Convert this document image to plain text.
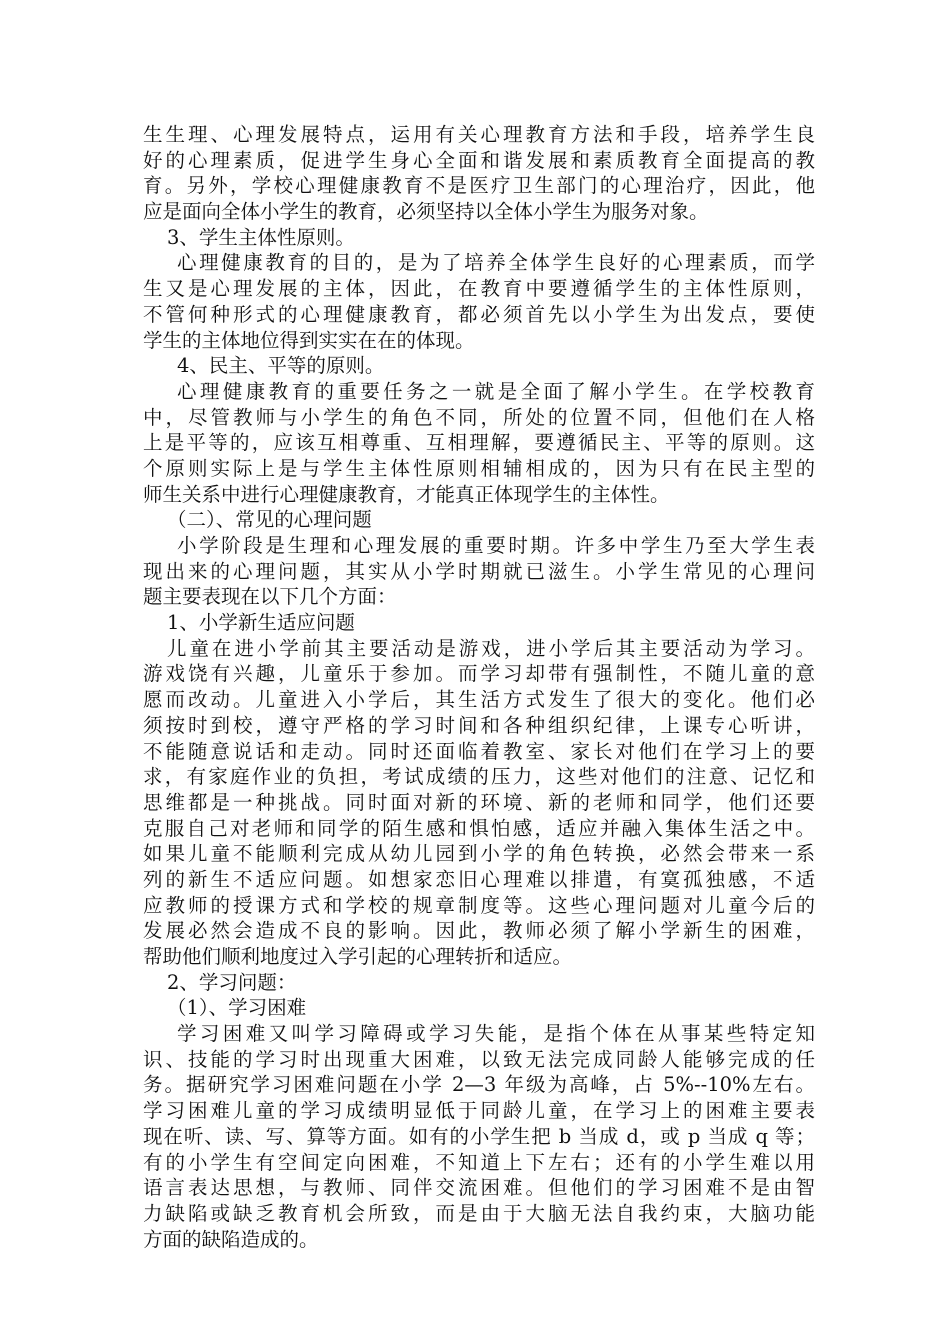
生生理、心理发展特点，运用有关心理教育方法和手段，培养学生良
好的心理素质，促进学生身心全面和谐发展和素质教育全面提高的教
育。另外，学校心理健康教育不是医疗卫生部门的心理治疗，因此，他
应是面向全体小学生的教育，必须坚持以全体小学生为服务对象。
3、学生主体性原则。
心理健康教育的目的，是为了培养全体学生良好的心理素质，而学
生又是心理发展的主体，因此，在教育中要遵循学生的主体性原则，
不管何种形式的心理健康教育，都必须首先以小学生为出发点，要使
学生的主体地位得到实实在在的体现。
4、民主、平等的原则。
心理健康教育的重要任务之一就是全面了解小学生。在学校教育
中，尽管教师与小学生的角色不同，所处的位置不同，但他们在人格
上是平等的，应该互相尊重、互相理解，要遵循民主、平等的原则。这
个原则实际上是与学生主体性原则相辅相成的，因为只有在民主型的
师生关系中进行心理健康教育，才能真正体现学生的主体性。
（二）、常见的心理问题
小学阶段是生理和心理发展的重要时期。许多中学生乃至大学生表
现出来的心理问题，其实从小学时期就已滋生。小学生常见的心理问
题主要表现在以下几个方面：
1、小学新生适应问题
儿童在进小学前其主要活动是游戏，进小学后其主要活动为学习。
游戏饶有兴趣，儿童乐于参加。而学习却带有强制性，不随儿童的意
愿而改动。儿童进入小学后，其生活方式发生了很大的变化。他们必
须按时到校，遵守严格的学习时间和各种组织纪律，上课专心听讲，
不能随意说话和走动。同时还面临着教室、家长对他们在学习上的要
求，有家庭作业的负担，考试成绩的压力，这些对他们的注意、记忆和
思维都是一种挑战。同时面对新的环境、新的老师和同学，他们还要
克服自己对老师和同学的陌生感和惧怕感，适应并融入集体生活之中。
如果儿童不能顺利完成从幼儿园到小学的角色转换，必然会带来一系
列的新生不适应问题。如想家恋旧心理难以排遣，有寞孤独感，不适
应教师的授课方式和学校的规章制度等。这些心理问题对儿童今后的
发展必然会造成不良的影响。因此，教师必须了解小学新生的困难，
帮助他们顺利地度过入学引起的心理转折和适应。
2、学习问题：
（1）、学习困难
学习困难又叫学习障碍或学习失能，是指个体在从事某些特定知
识、技能的学习时出现重大困难，以致无法完成同龄人能够完成的任
务。据研究学习困难问题在小学 2—3 年级为高峰，占 5%--10%左右。
学习困难儿童的学习成绩明显低于同龄儿童，在学习上的困难主要表
现在听、读、写、算等方面。如有的小学生把 b 当成 d，或 p 当成 q 等；
有的小学生有空间定向困难，不知道上下左右；还有的小学生难以用
语言表达思想，与教师、同伴交流困难。但他们的学习困难不是由智
力缺陷或缺乏教育机会所致，而是由于大脑无法自我约束，大脑功能
方面的缺陷造成的。
